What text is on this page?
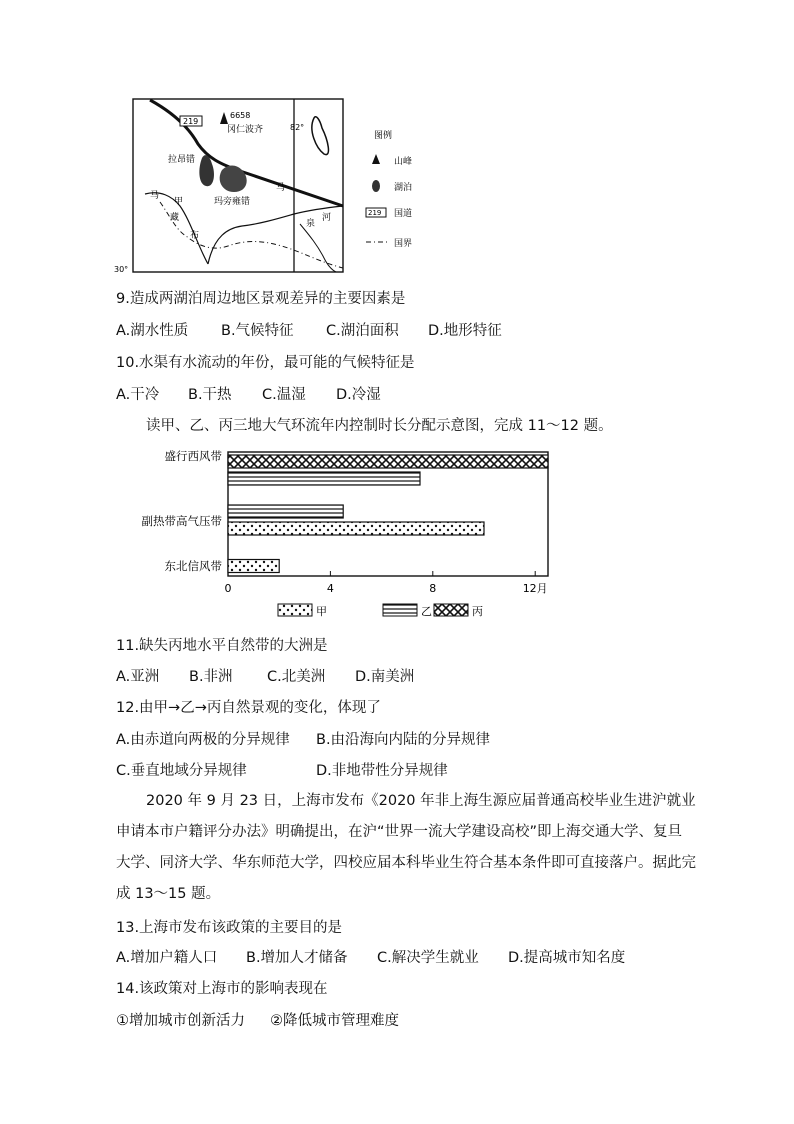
219
6658
冈仁波齐	82°
拉昂错
玛旁雍错
马
甲
藏
布
马
泉
河
30°
图例
山峰
湖泊
219 国道
国界
9.造成两湖泊周边地区景观差异的主要因素是
A.湖水性质 B.气候特征 C.湖泊面积 D.地形特征
10.水渠有水流动的年份，最可能的气候特征是
A.干冷 B.干热 C.温湿 D.冷湿
读甲、乙、丙三地大气环流年内控制时长分配示意图，完成 11～12 题。
盛行西风带
副热带高气压带
东北信风带
0	4	8	12月
甲	乙	丙
11.缺失丙地水平自然带的大洲是
A.亚洲 B.非洲 C.北美洲 D.南美洲
12.由甲→乙→丙自然景观的变化，体现了
A.由赤道向两极的分异规律 B.由沿海向内陆的分异规律
C.垂直地域分异规律	D.非地带性分异规律
2020 年 9 月 23 日，上海市发布《2020 年非上海生源应届普通高校毕业生进沪就业申请本市户籍评分办法》明确提出，在沪“世界一流大学建设高校”即上海交通大学、复旦大学、同济大学、华东师范大学，四校应届本科毕业生符合基本条件即可直接落户。据此完成 13～15 题。
13.上海市发布该政策的主要目的是
A.增加户籍人口 B.增加人才储备 C.解决学生就业 D.提高城市知名度
14.该政策对上海市的影响表现在
①增加城市创新活力 ②降低城市管理难度
